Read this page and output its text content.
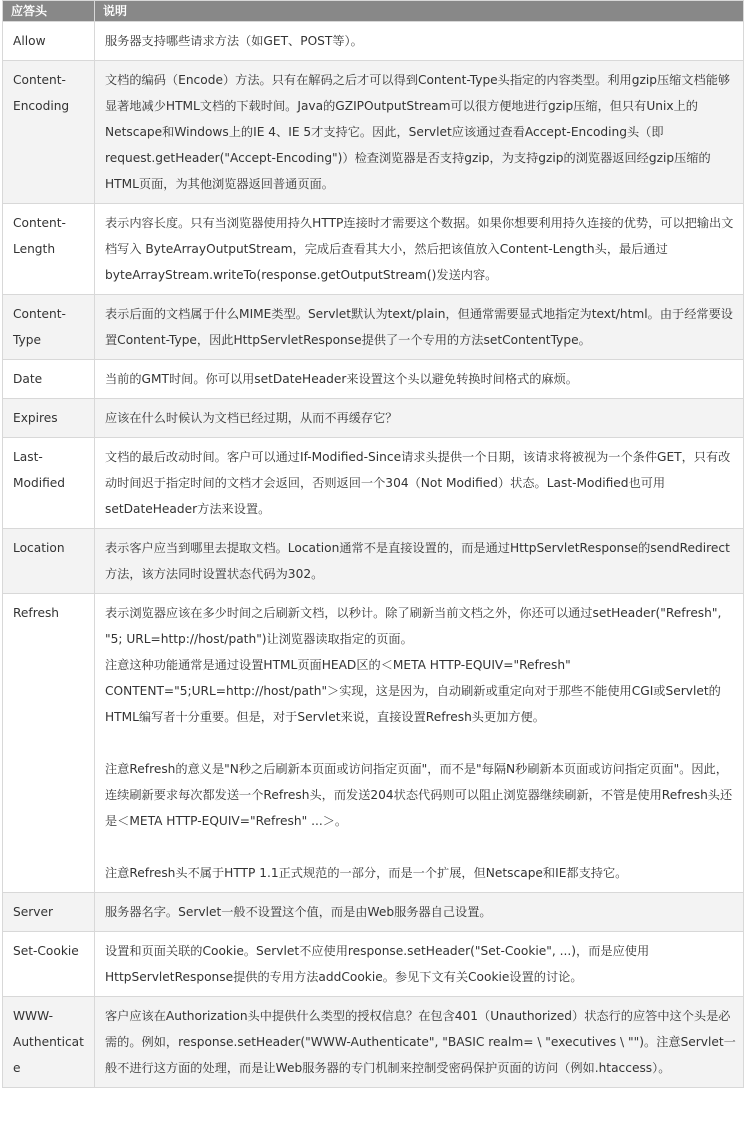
应答头	说明
Allow	服务器支持哪些请求方法（如GET、POST等）。

Content-Encoding	文档的编码（Encode）方法。只有在解码之后才可以得到Content-Type头指定的内容类型。利用gzip压缩文档能够显著地减少HTML文档的下载时间。Java的GZIPOutputStream可以很方便地进行gzip压缩，但只有Unix上的Netscape和Windows上的IE 4、IE 5才支持它。因此，Servlet应该通过查看Accept-Encoding头（即request.getHeader("Accept-Encoding")）检查浏览器是否支持gzip，为支持gzip的浏览器返回经gzip压缩的HTML页面，为其他浏览器返回普通页面。

Content-Length	表示内容长度。只有当浏览器使用持久HTTP连接时才需要这个数据。如果你想要利用持久连接的优势，可以把输出文档写入 ByteArrayOutputStream，完成后查看其大小，然后把该值放入Content-Length头，最后通过byteArrayStream.writeTo(response.getOutputStream()发送内容。

Content-Type	表示后面的文档属于什么MIME类型。Servlet默认为text/plain，但通常需要显式地指定为text/html。由于经常要设置Content-Type，因此HttpServletResponse提供了一个专用的方法setContentType。

Date	当前的GMT时间。你可以用setDateHeader来设置这个头以避免转换时间格式的麻烦。

Expires	应该在什么时候认为文档已经过期，从而不再缓存它？

Last-Modified	文档的最后改动时间。客户可以通过If-Modified-Since请求头提供一个日期，该请求将被视为一个条件GET，只有改动时间迟于指定时间的文档才会返回，否则返回一个304（Not Modified）状态。Last-Modified也可用setDateHeader方法来设置。

Location	表示客户应当到哪里去提取文档。Location通常不是直接设置的，而是通过HttpServletResponse的sendRedirect方法，该方法同时设置状态代码为302。

Refresh	表示浏览器应该在多少时间之后刷新文档，以秒计。除了刷新当前文档之外，你还可以通过setHeader("Refresh", "5; URL=http://host/path")让浏览器读取指定的页面。
注意这种功能通常是通过设置HTML页面HEAD区的＜META HTTP-EQUIV="Refresh" CONTENT="5;URL=http://host/path"＞实现，这是因为，自动刷新或重定向对于那些不能使用CGI或Servlet的HTML编写者十分重要。但是，对于Servlet来说，直接设置Refresh头更加方便。
注意Refresh的意义是"N秒之后刷新本页面或访问指定页面"，而不是"每隔N秒刷新本页面或访问指定页面"。因此，连续刷新要求每次都发送一个Refresh头，而发送204状态代码则可以阻止浏览器继续刷新，不管是使用Refresh头还是＜META HTTP-EQUIV="Refresh" ...＞。
注意Refresh头不属于HTTP 1.1正式规范的一部分，而是一个扩展，但Netscape和IE都支持它。

Server	服务器名字。Servlet一般不设置这个值，而是由Web服务器自己设置。

Set-Cookie	设置和页面关联的Cookie。Servlet不应使用response.setHeader("Set-Cookie", ...)，而是应使用HttpServletResponse提供的专用方法addCookie。参见下文有关Cookie设置的讨论。

WWW-Authenticate	客户应该在Authorization头中提供什么类型的授权信息？在包含401（Unauthorized）状态行的应答中这个头是必需的。例如，response.setHeader("WWW-Authenticate", "BASIC realm= \ "executives \ "")。注意Servlet一般不进行这方面的处理，而是让Web服务器的专门机制来控制受密码保护页面的访问（例如.htaccess）。
